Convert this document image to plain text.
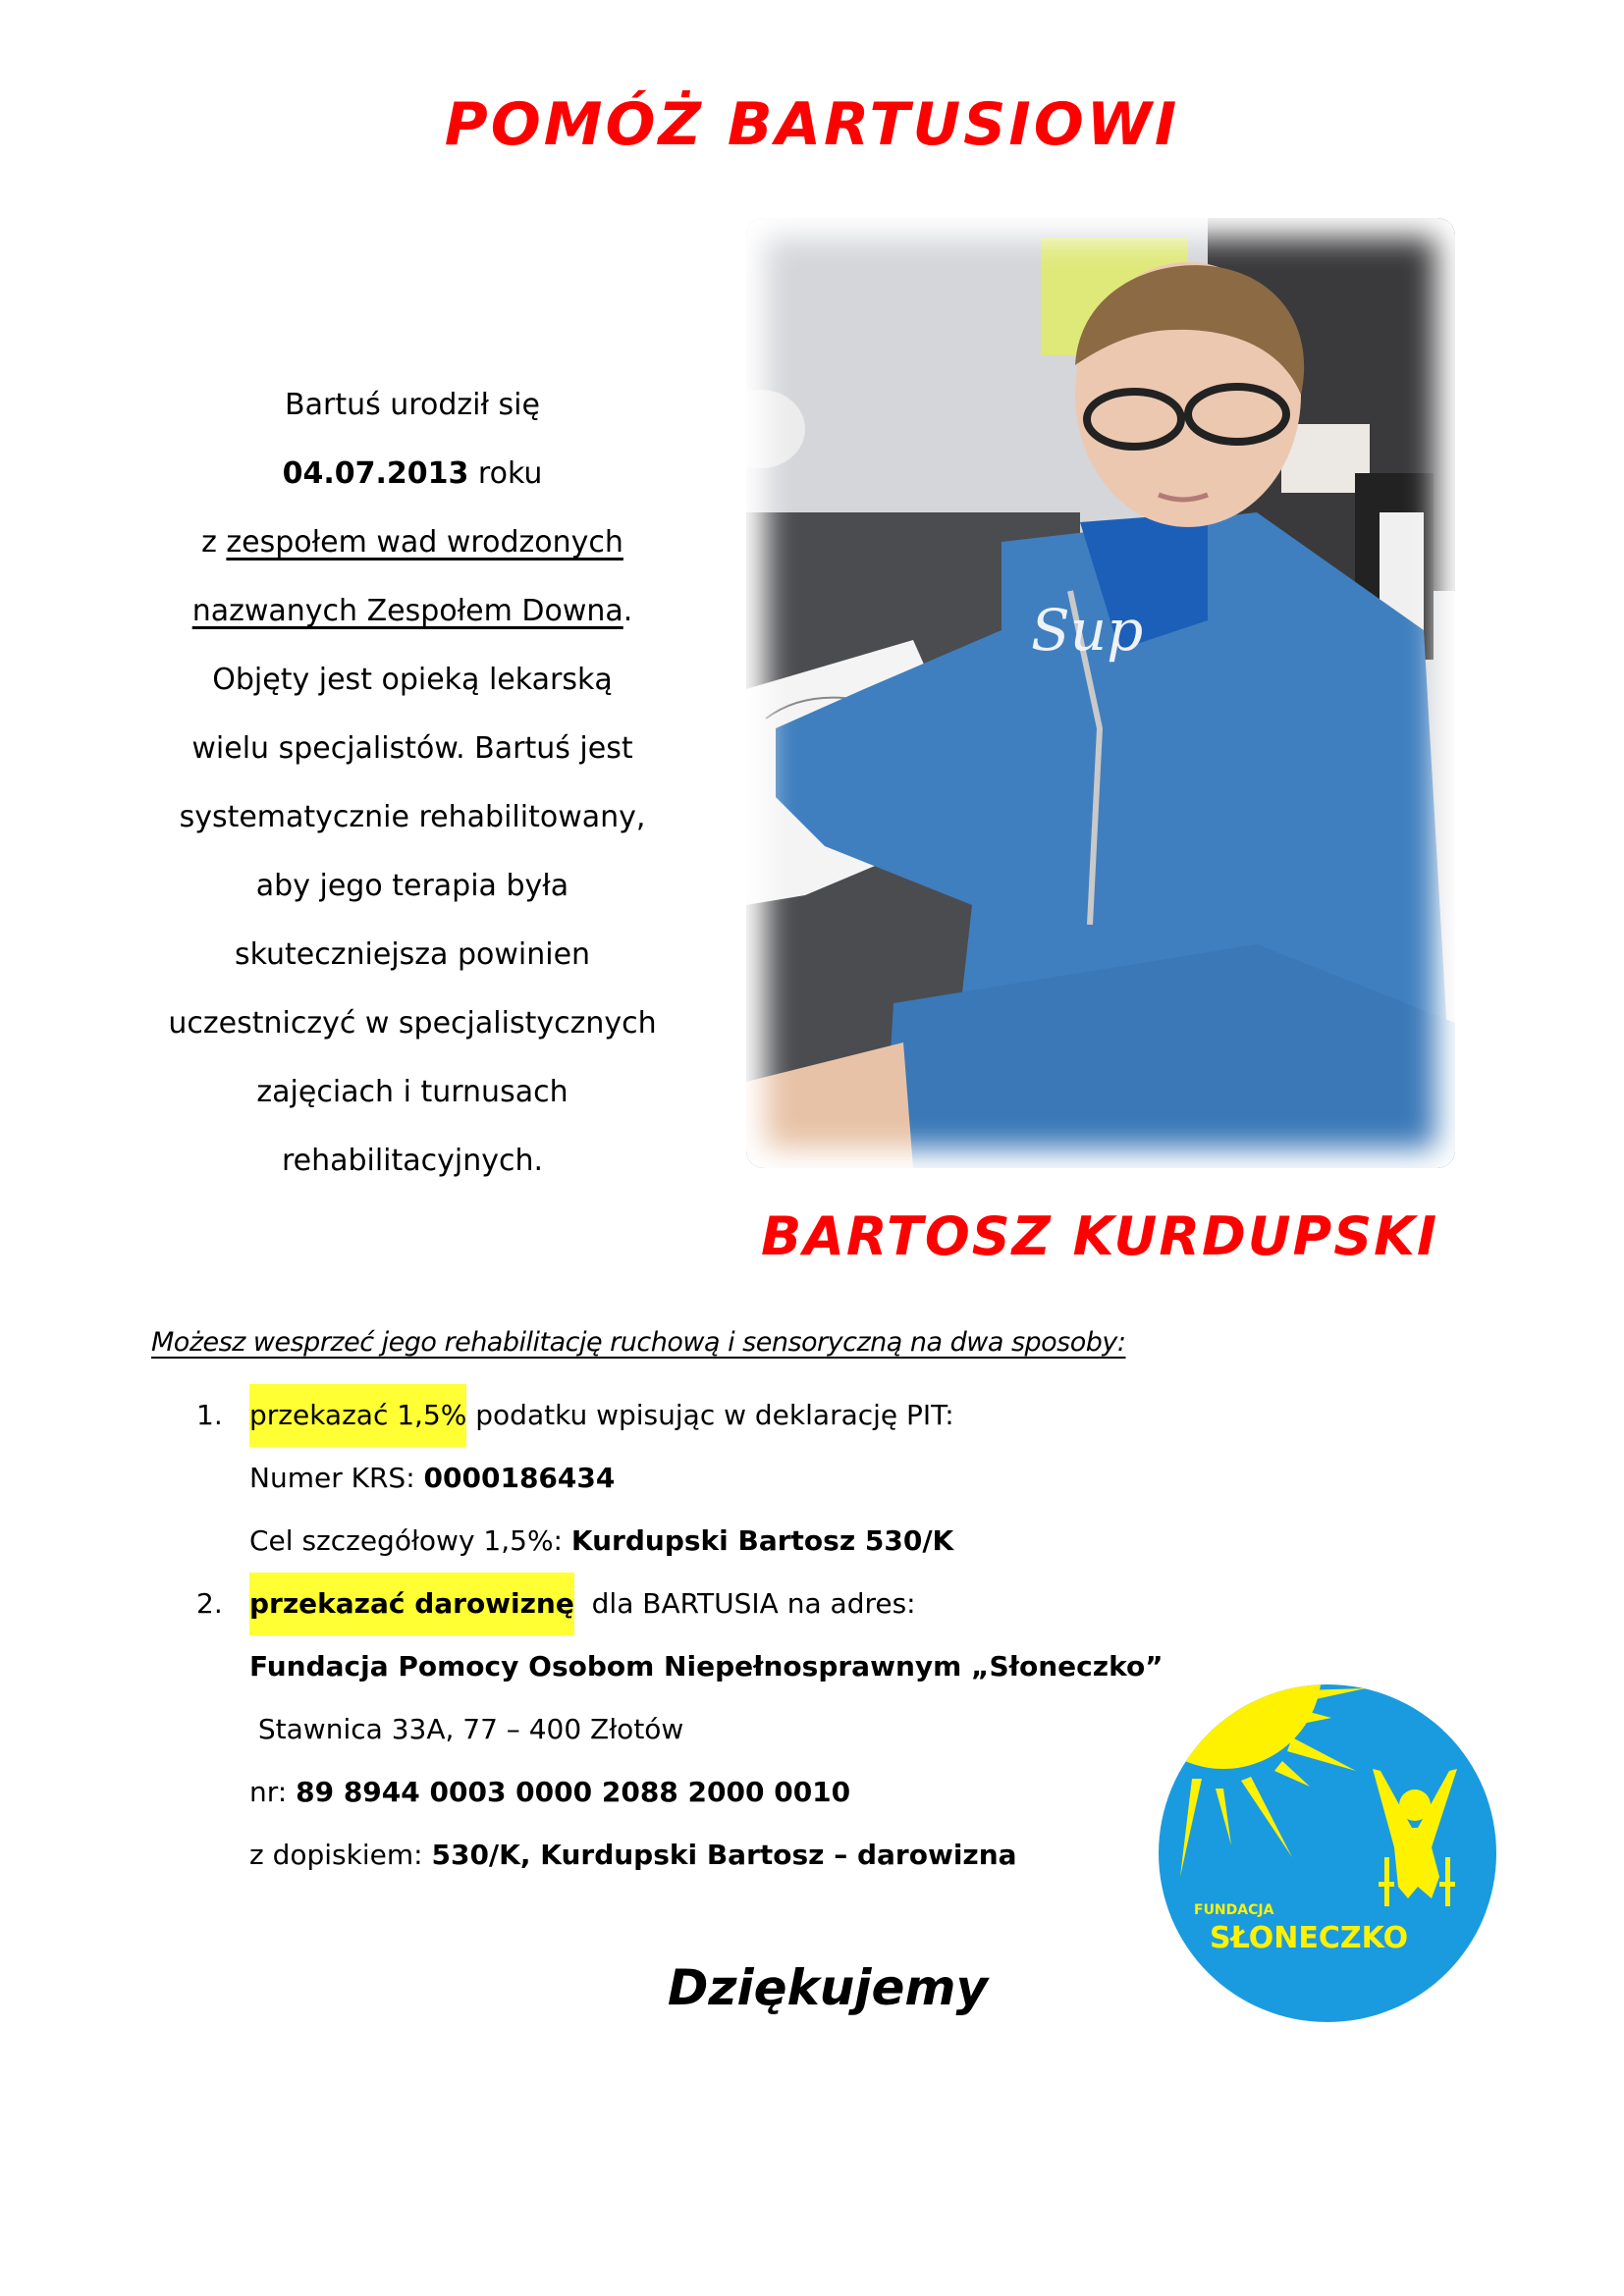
POMÓŻ BARTUSIOWI
Bartuś urodził się
04.07.2013 roku
z zespołem wad wrodzonych
nazwanych Zespołem Downa.
Objęty jest opieką lekarską
wielu specjalistów. Bartuś jest
systematycznie rehabilitowany,
aby jego terapia była
skuteczniejsza powinien
uczestniczyć w specjalistycznych
zajęciach i turnusach
rehabilitacyjnych.
Sup
BARTOSZ KURDUPSKI
Możesz wesprzeć jego rehabilitację ruchową i sensoryczną na dwa sposoby:
1. przekazać 1,5% podatku wpisując w deklarację PIT:
Numer KRS: 0000186434
Cel szczegółowy 1,5%: Kurdupski Bartosz 530/K
2. przekazać darowiznę dla BARTUSIA na adres:
Fundacja Pomocy Osobom Niepełnosprawnym „Słoneczko”
Stawnica 33A, 77 – 400 Złotów
nr: 89 8944 0003 0000 2088 2000 0010
z dopiskiem: 530/K, Kurdupski Bartosz – darowizna
Dziękujemy
FUNDACJA
SŁONECZKO
